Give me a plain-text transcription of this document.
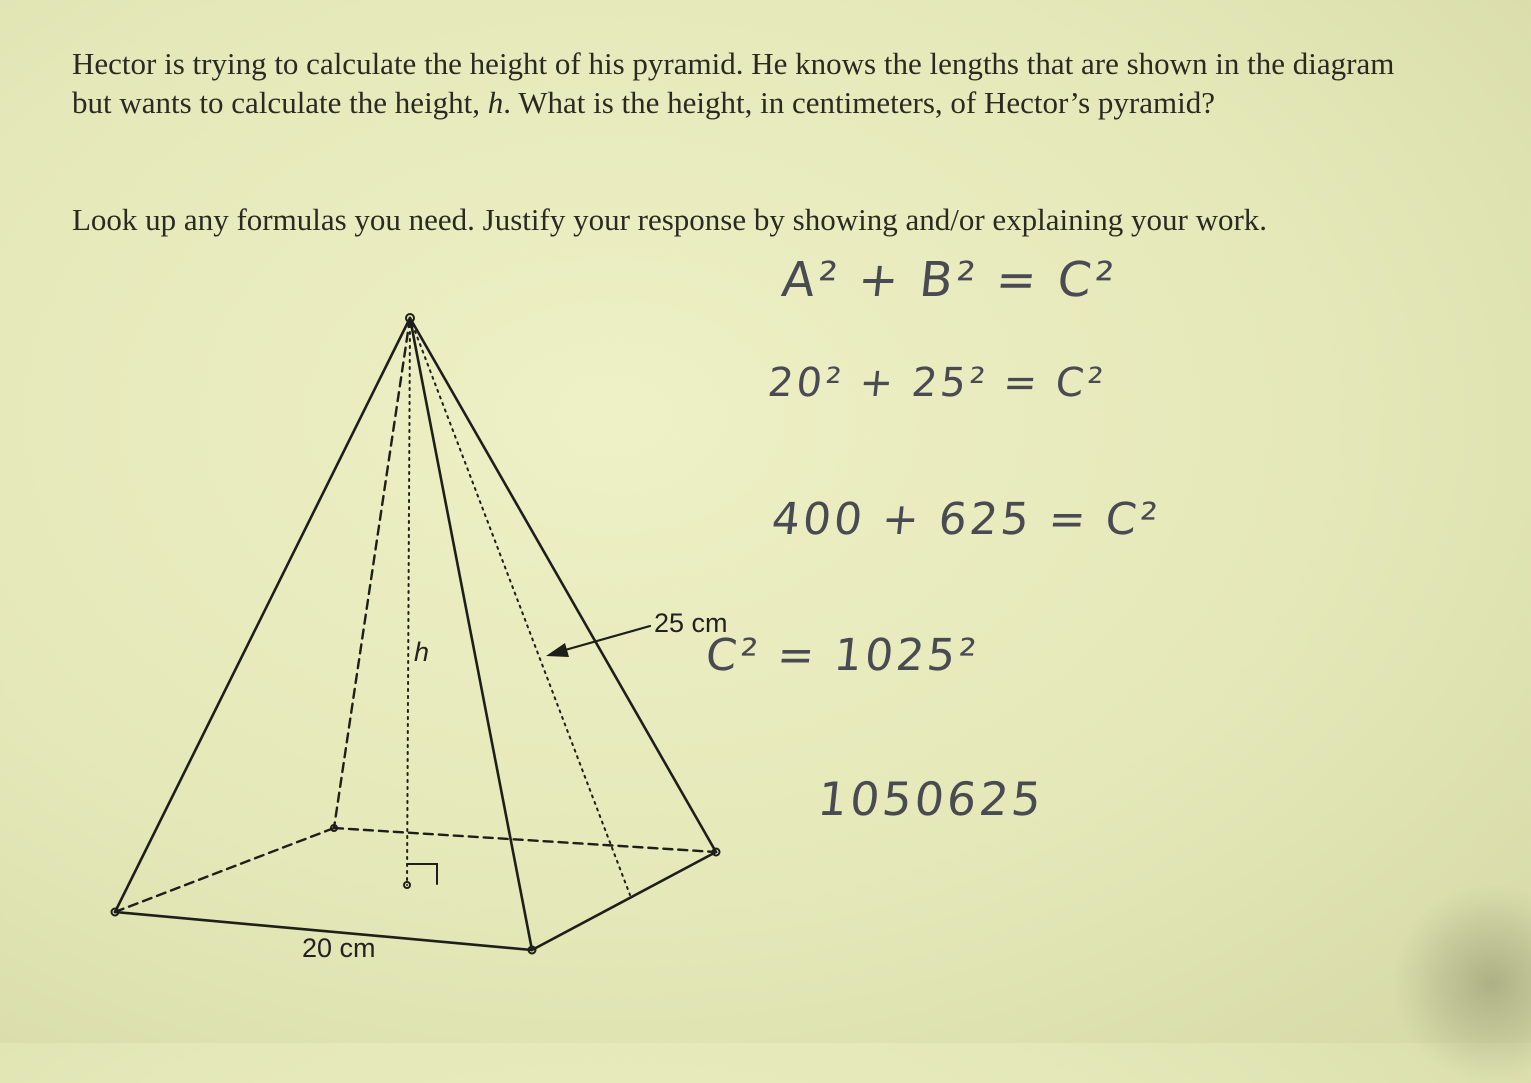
Hector is trying to calculate the height of his pyramid. He knows the lengths that are shown in the diagram but wants to calculate the height, h. What is the height, in centimeters, of Hector’s pyramid?

Look up any formulas you need. Justify your response by showing and/or explaining your work.

25 cm
20 cm
h

A² + B² = C²

20² + 25² = C²

400 + 625 = C²

C² = 1025²

1050625
